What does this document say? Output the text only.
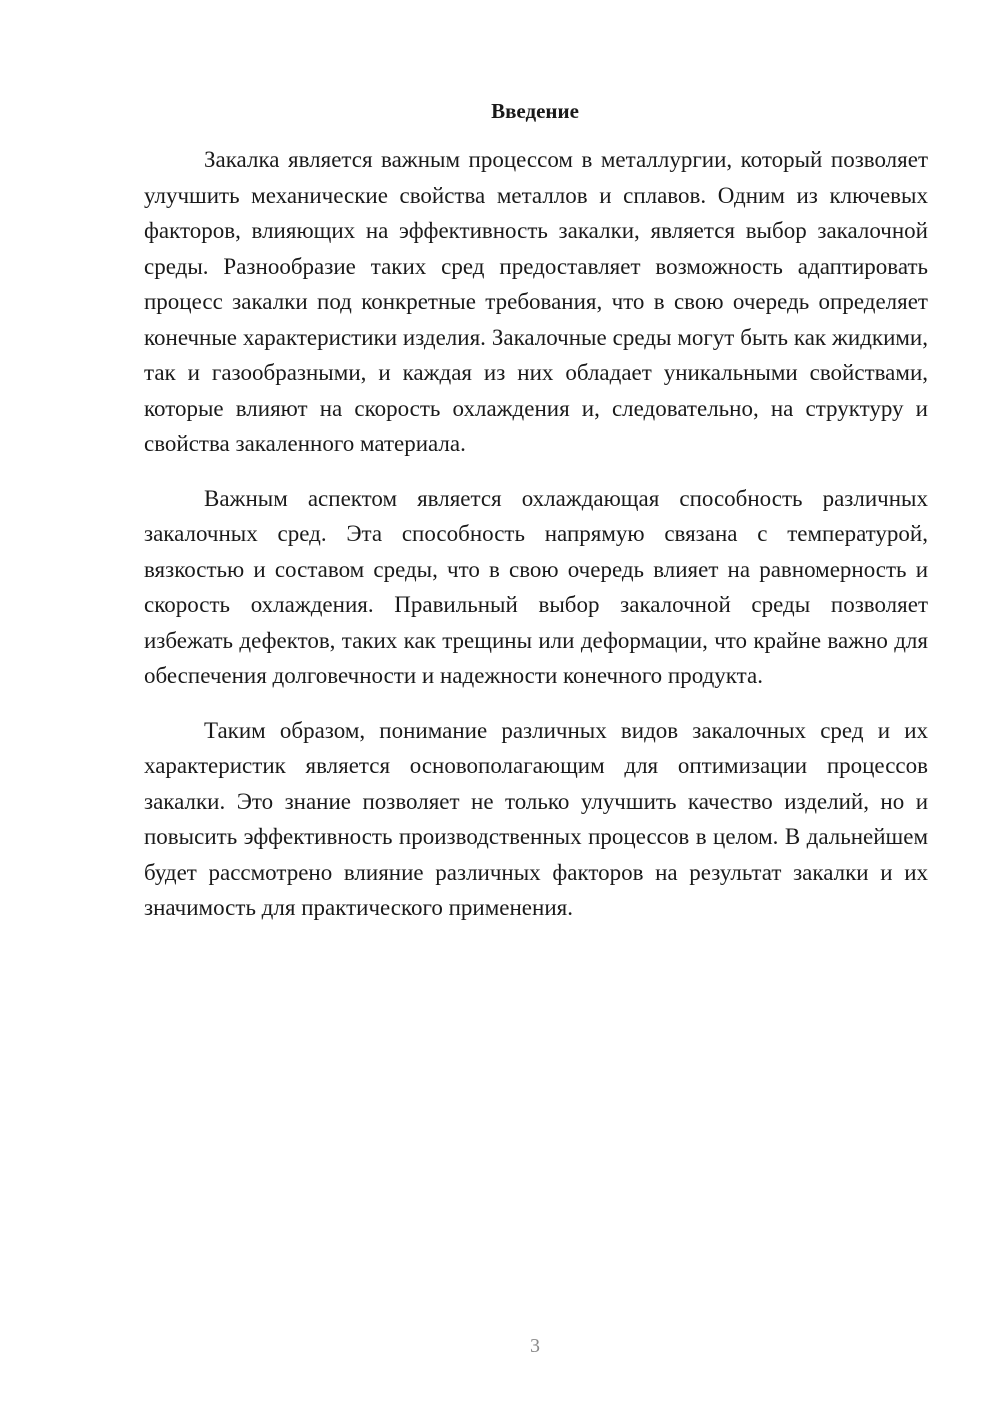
Введение

Закалка является важным процессом в металлургии, который позволяет улучшить механические свойства металлов и сплавов. Одним из ключевых факторов, влияющих на эффективность закалки, является выбор закалочной среды. Разнообразие таких сред предоставляет возможность адаптировать процесс закалки под конкретные требования, что в свою очередь определяет конечные характеристики изделия. Закалочные среды могут быть как жидкими, так и газообразными, и каждая из них обладает уникальными свойствами, которые влияют на скорость охлаждения и, следовательно, на структуру и свойства закаленного материала.

Важным аспектом является охлаждающая способность различных закалочных сред. Эта способность напрямую связана с температурой, вязкостью и составом среды, что в свою очередь влияет на равномерность и скорость охлаждения. Правильный выбор закалочной среды позволяет избежать дефектов, таких как трещины или деформации, что крайне важно для обеспечения долговечности и надежности конечного продукта.

Таким образом, понимание различных видов закалочных сред и их характеристик является основополагающим для оптимизации процессов закалки. Это знание позволяет не только улучшить качество изделий, но и повысить эффективность производственных процессов в целом. В дальнейшем будет рассмотрено влияние различных факторов на результат закалки и их значимость для практического применения.

3
